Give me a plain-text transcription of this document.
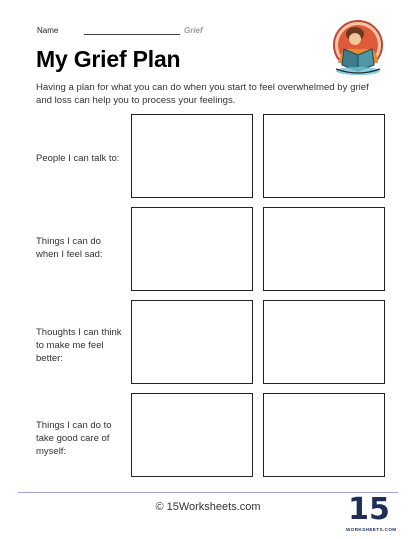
Name	Grief
My Grief Plan
Having a plan for what you can do when you start to feel overwhelmed by grief and loss can help you to process your feelings.
People I can talk to:
Things I can do when I feel sad:
Thoughts I can think to make me feel better:
Things I can do to take good care of myself:
© 15Worksheets.com	15
WORKSHEETS.COM
